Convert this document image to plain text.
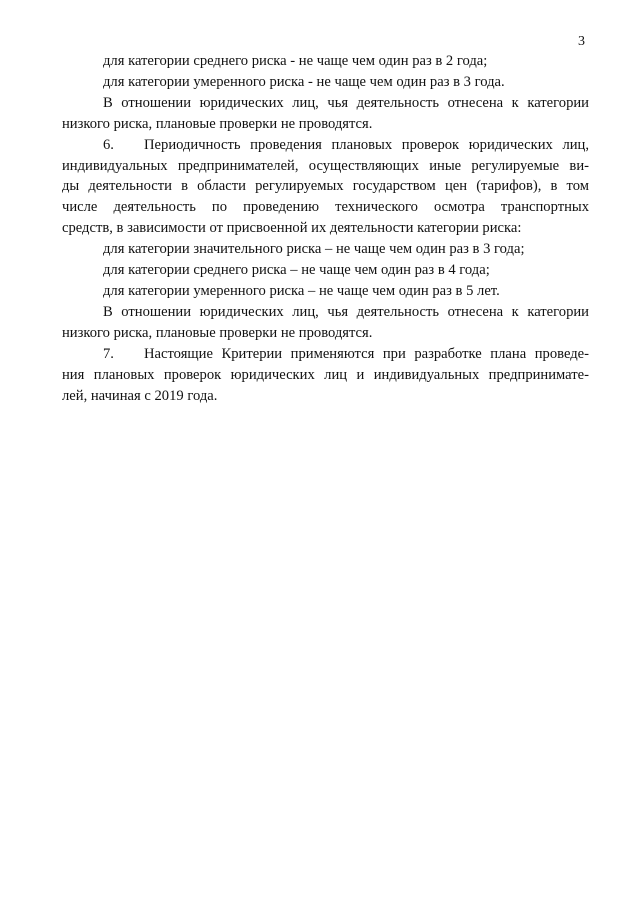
3
для категории среднего риска - не чаще чем один раз в 2 года;
для категории умеренного риска - не чаще чем один раз в 3 года.
В отношении юридических лиц, чья деятельность отнесена к категории
низкого риска, плановые проверки не проводятся.
6. Периодичность проведения плановых проверок юридических лиц,
индивидуальных предпринимателей, осуществляющих иные регулируемые ви-
ды деятельности в области регулируемых государством цен (тарифов), в том
числе деятельность по проведению технического осмотра транспортных
средств, в зависимости от присвоенной их деятельности категории риска:
для категории значительного риска – не чаще чем один раз в 3 года;
для категории среднего риска – не чаще чем один раз в 4 года;
для категории умеренного риска – не чаще чем один раз в 5 лет.
В отношении юридических лиц, чья деятельность отнесена к категории
низкого риска, плановые проверки не проводятся.
7. Настоящие Критерии применяются при разработке плана проведе-
ния плановых проверок юридических лиц и индивидуальных предпринимате-
лей, начиная с 2019 года.
